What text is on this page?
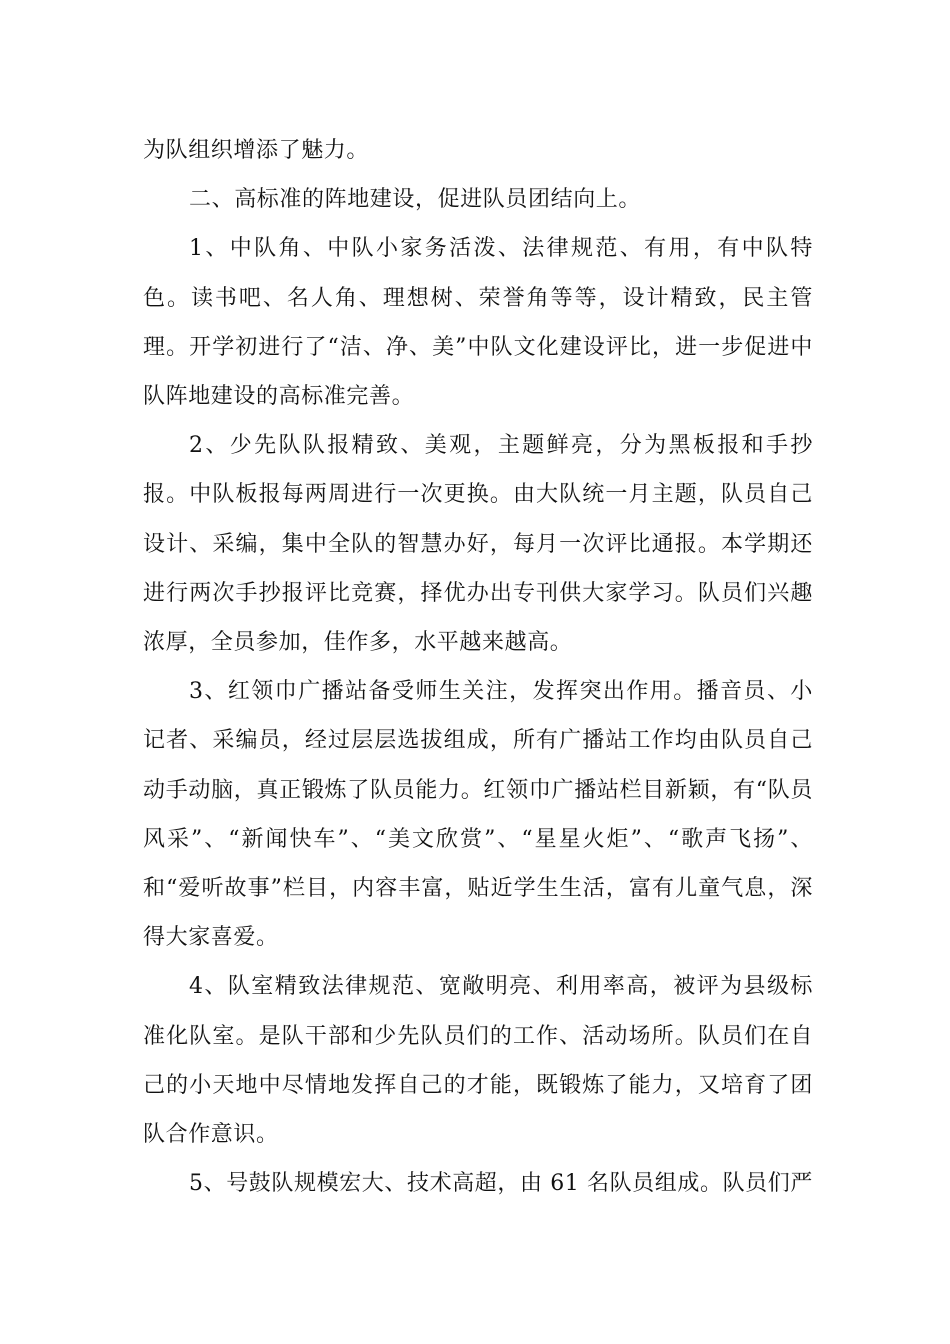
为队组织增添了魅力。

二、高标准的阵地建设，促进队员团结向上。

1、中队角、中队小家务活泼、法律规范、有用，有中队特色。读书吧、名人角、理想树、荣誉角等等，设计精致，民主管理。开学初进行了“洁、净、美”中队文化建设评比，进一步促进中队阵地建设的高标准完善。

2、少先队队报精致、美观，主题鲜亮，分为黑板报和手抄报。中队板报每两周进行一次更换。由大队统一月主题，队员自己设计、采编，集中全队的智慧办好，每月一次评比通报。本学期还进行两次手抄报评比竞赛，择优办出专刊供大家学习。队员们兴趣浓厚，全员参加，佳作多，水平越来越高。

3、红领巾广播站备受师生关注，发挥突出作用。播音员、小记者、采编员，经过层层选拔组成，所有广播站工作均由队员自己动手动脑，真正锻炼了队员能力。红领巾广播站栏目新颖，有“队员风采”、“新闻快车”、“美文欣赏”、“星星火炬”、“歌声飞扬”、和“爱听故事”栏目，内容丰富，贴近学生生活，富有儿童气息，深得大家喜爱。

4、队室精致法律规范、宽敞明亮、利用率高，被评为县级标准化队室。是队干部和少先队员们的工作、活动场所。队员们在自己的小天地中尽情地发挥自己的才能，既锻炼了能力，又培育了团队合作意识。

5、号鼓队规模宏大、技术高超，由 61 名队员组成。队员们严
